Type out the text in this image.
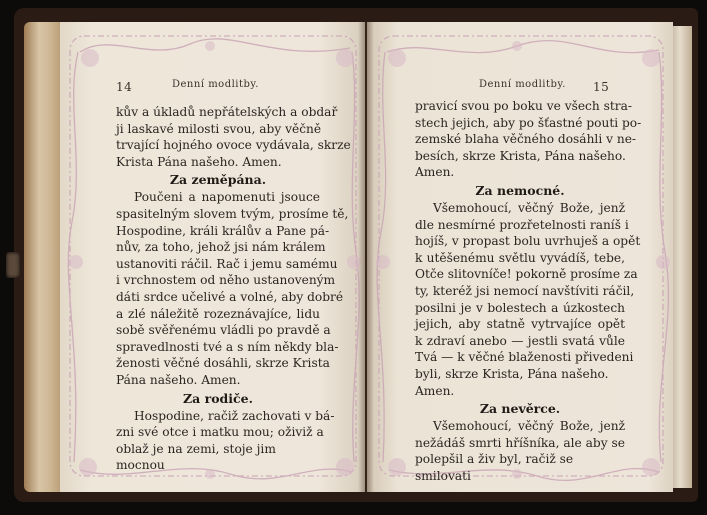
14	Denní modlitby.

kův a úkladů nepřátelských a obdař

ji laskavé milosti svou, aby věčně

trvající hojného ovoce vydávala, skrze

Krista Pána našeho. Amen.

Za zeměpána.

Poučeni a napomenuti jsouce

spasitelným slovem tvým, prosíme tě,

Hospodine, králi králův a Pane pá-

nův, za toho, jehož jsi nám králem

ustanoviti ráčil. Rač i jemu samému

i vrchnostem od něho ustanoveným

dáti srdce učelivé a volné, aby dobré

a zlé náležitě rozeznávajíce, lidu

sobě svěřenému vládli po pravdě a

spravedlnosti tvé a s ním někdy bla-

ženosti věčné dosáhli, skrze Krista

Pána našeho. Amen.

Za rodiče.

Hospodine, račiž zachovati v bá-

zni své otce i matku mou; oživiž a

oblaž je na zemi, stoje jim mocnou

Denní modlitby. 15

pravicí svou po boku ve všech stra-

stech jejich, aby po šťastné pouti po-

zemské blaha věčného dosáhli v ne-

besích, skrze Krista, Pána našeho.

Amen.

Za nemocné.

Všemohoucí, věčný Bože, jenž

dle nesmírné prozřetelnosti raníš i

hojíš, v propast bolu uvrhuješ a opět

k utěšenému světlu vyvádíš, tebe,

Otče slitovníče! pokorně prosíme za

ty, kteréž jsi nemocí navštíviti ráčil,

posilni je v bolestech a úzkostech

jejich, aby statně vytrvajíce opět

k zdraví anebo — jestli svatá vůle

Tvá — k věčné blaženosti přivedeni

byli, skrze Krista, Pána našeho. Amen.

Za nevěrce.

Všemohoucí, věčný Bože, jenž

nežádáš smrti hříšníka, ale aby se

polepšil a živ byl, račiž se smilovati
